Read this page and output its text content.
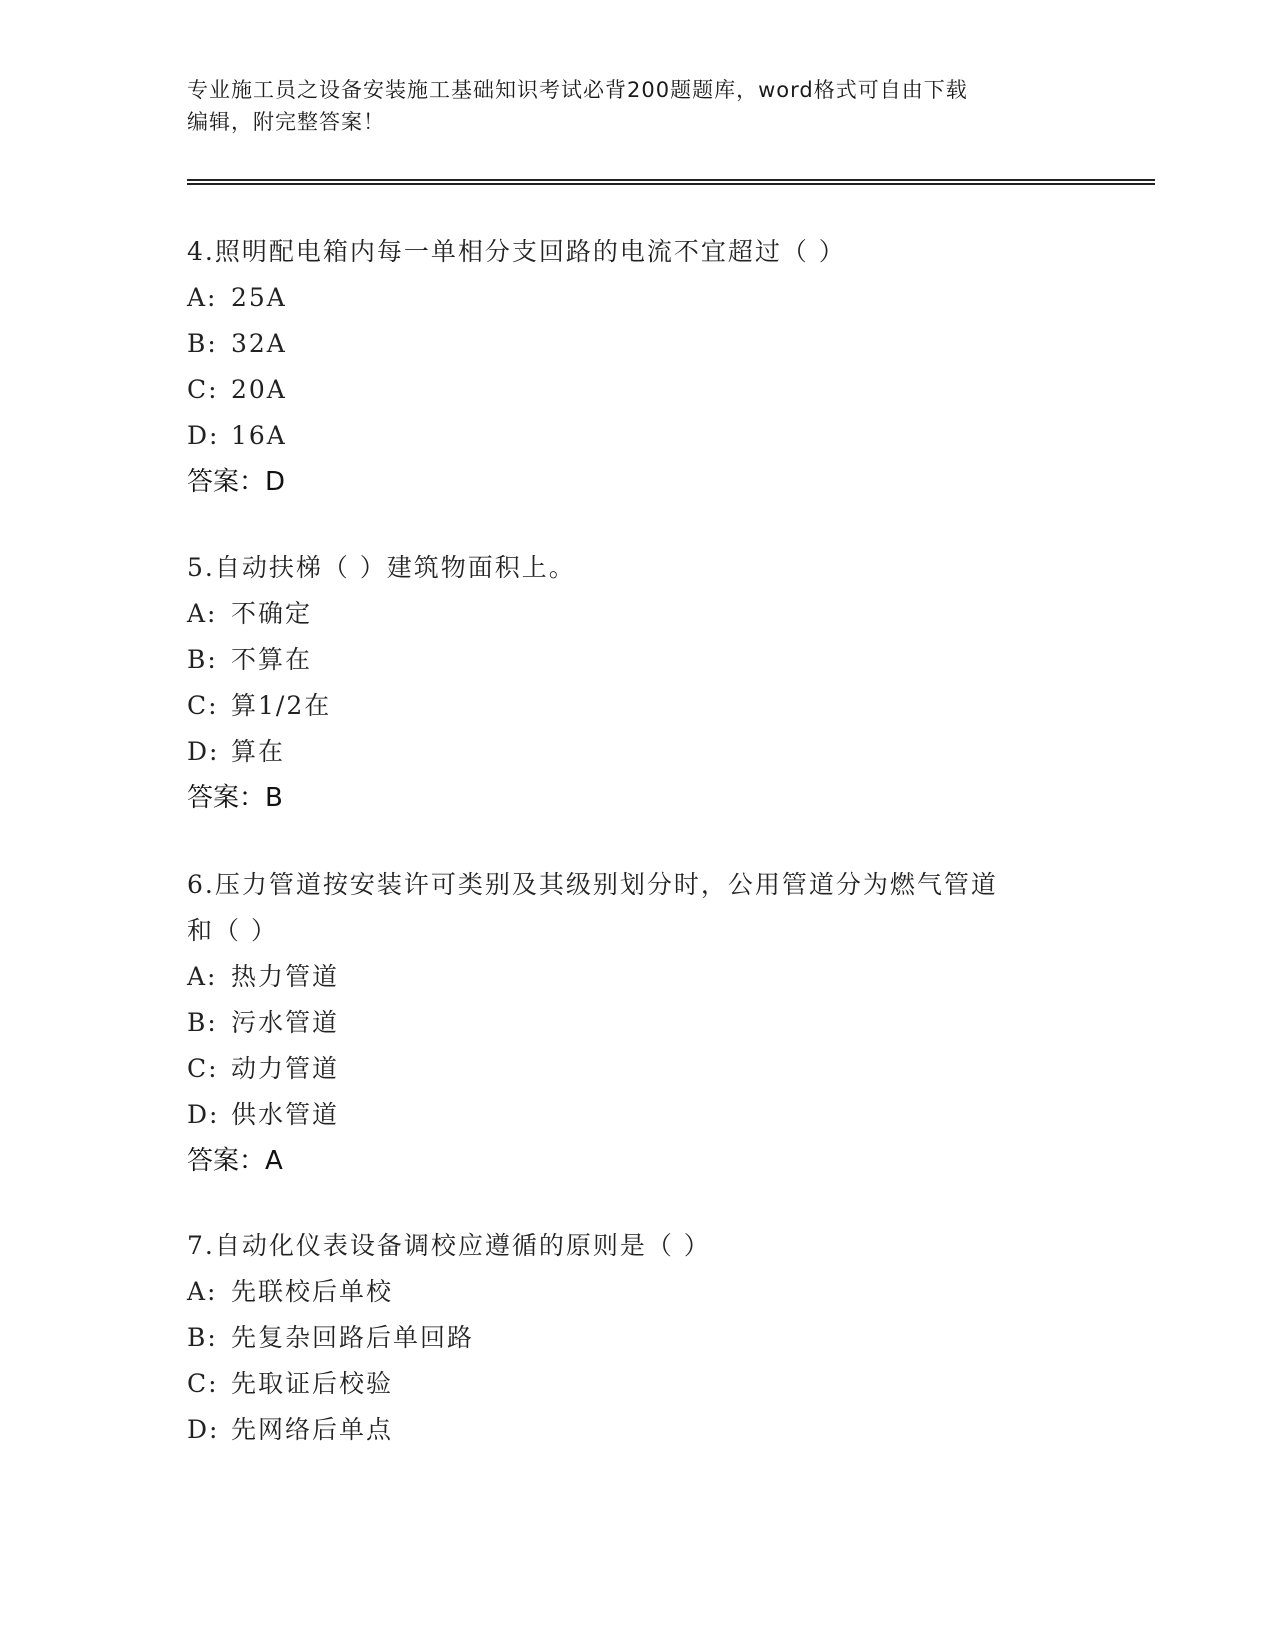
专业施工员之设备安装施工基础知识考试必背200题题库，word格式可自由下载
编辑，附完整答案！
4.照明配电箱内每一单相分支回路的电流不宜超过（ ）
A: 25A
B: 32A
C: 20A
D: 16A
答案：D
5.自动扶梯（ ）建筑物面积上。
A: 不确定
B: 不算在
C: 算1/2在
D: 算在
答案：B
6.压力管道按安装许可类别及其级别划分时，公用管道分为燃气管道
和（ ）
A: 热力管道
B: 污水管道
C: 动力管道
D: 供水管道
答案：A
7.自动化仪表设备调校应遵循的原则是（ ）
A: 先联校后单校
B: 先复杂回路后单回路
C: 先取证后校验
D: 先网络后单点
